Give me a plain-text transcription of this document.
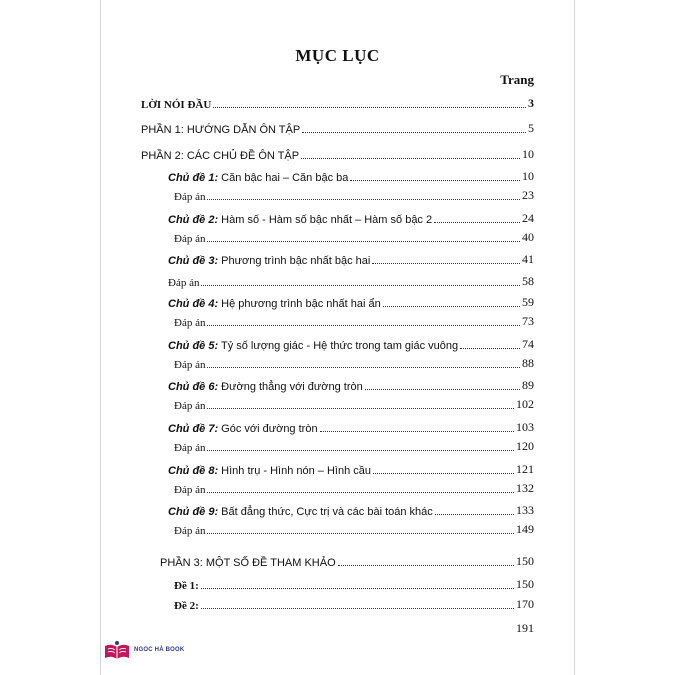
MỤC LỤC
Trang
LỜI NÓI ĐẦU	3
PHẦN 1: HƯỚNG DẪN ÔN TẬP	5
PHẦN 2: CÁC CHỦ ĐỀ ÔN TẬP	10
Chủ đề 1: Căn bậc hai – Căn bậc ba	10
Đáp án	23
Chủ đề 2: Hàm số - Hàm số bậc nhất – Hàm số bậc 2	24
Đáp án	40
Chủ đề 3: Phương trình bậc nhất bậc hai	41
Đáp án	58
Chủ đề 4: Hệ phương trình bậc nhất hai ẩn	59
Đáp án	73
Chủ đề 5: Tỷ số lượng giác - Hệ thức trong tam giác vuông	74
Đáp án	88
Chủ đề 6: Đường thẳng với đường tròn	89
Đáp án	102
Chủ đề 7: Góc với đường tròn	103
Đáp án	120
Chủ đề 8: Hình trụ - Hình nón – Hình cầu	121
Đáp án	132
Chủ đề 9: Bất đẳng thức, Cực trị và các bài toán khác	133
Đáp án	149
PHẦN 3: MỘT SỐ ĐỀ THAM KHẢO	150
Đề 1:	150
Đề 2:	170
191
NGOC HÀ BOOK
